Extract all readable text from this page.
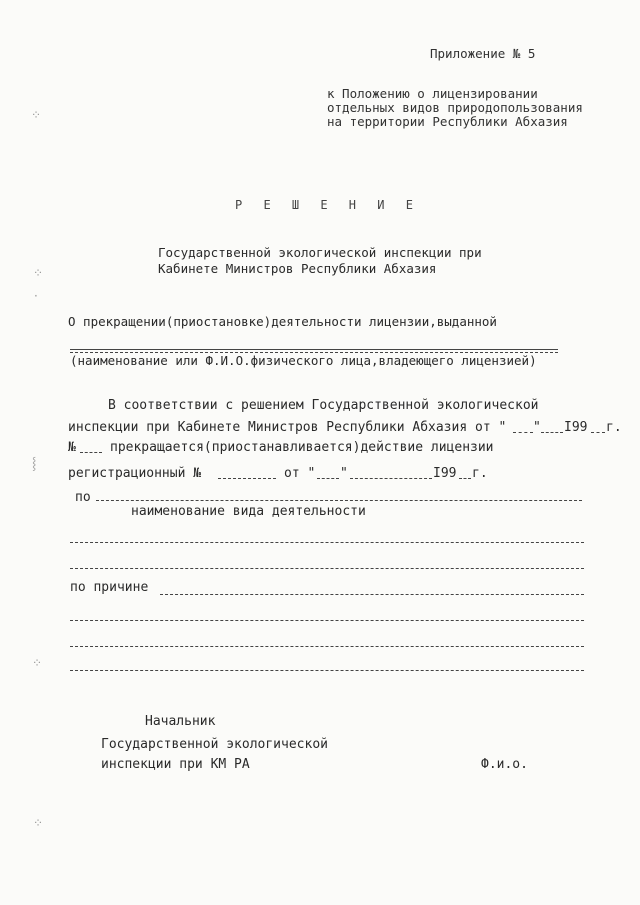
Приложение № 5
к Положению о лицензировании
отдельных видов природопользования
на территории Республики Абхазия
Р Е Ш Е Н И Е
Государственной экологической инспекции при
Кабинете Министров Республики Абхазия
О прекращении(приостановке)деятельности лицензии,выданной
(наименование или Ф.И.О.физического лица,владеющего лицензией)
В соответствии с решением Государственной экологической
инспекции при Кабинете Министров Республики Абхазия от " " I99 г.
№	прекращается(приостанавливается)действие лицензии
регистрационный №	от " "	I99 г.
по
наименование вида деятельности
по причине
Начальник
Государственной экологической
инспекции при КМ РА	Ф.и.о.
⁘
⁘
·
⸾
⁘
⁘
